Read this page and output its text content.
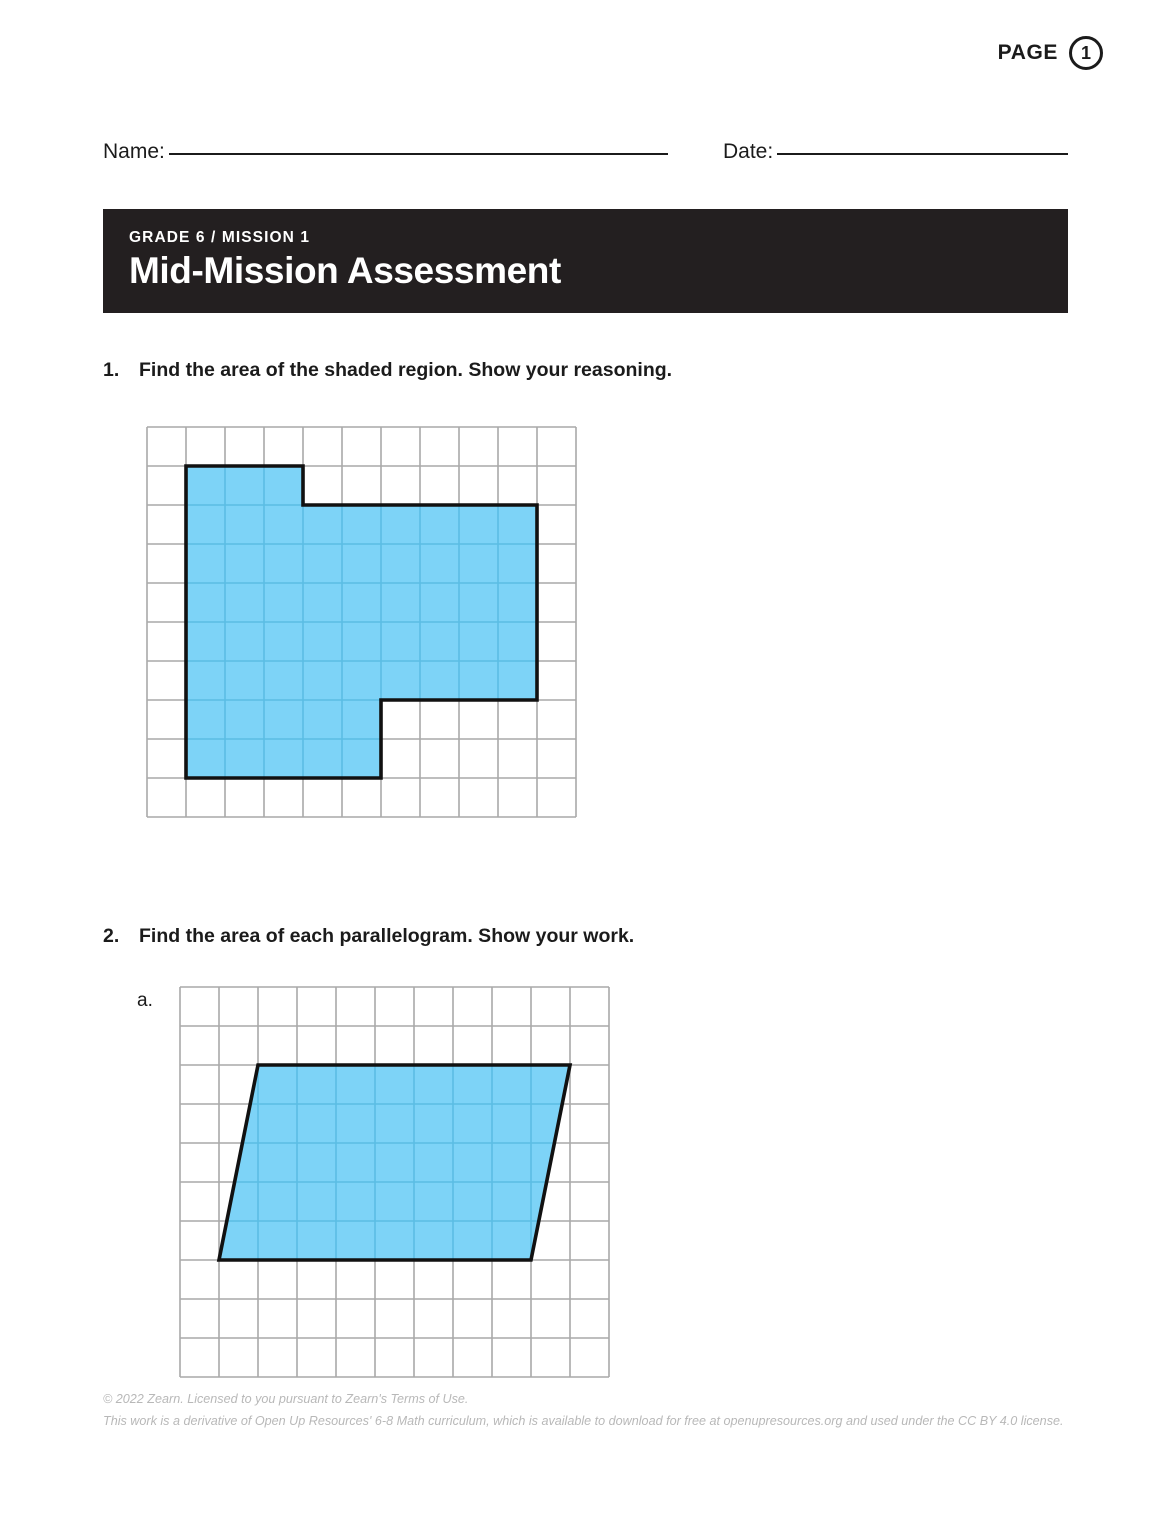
PAGE	1
Name:	Date:
GRADE 6 / MISSION 1
Mid-Mission Assessment
1.	Find the area of the shaded region. Show your reasoning.
2.	Find the area of each parallelogram. Show your work.
a.
© 2022 Zearn. Licensed to you pursuant to Zearn's Terms of Use.
This work is a derivative of Open Up Resources' 6-8 Math curriculum, which is available to download for free at openupresources.org and used under the CC BY 4.0 license.
